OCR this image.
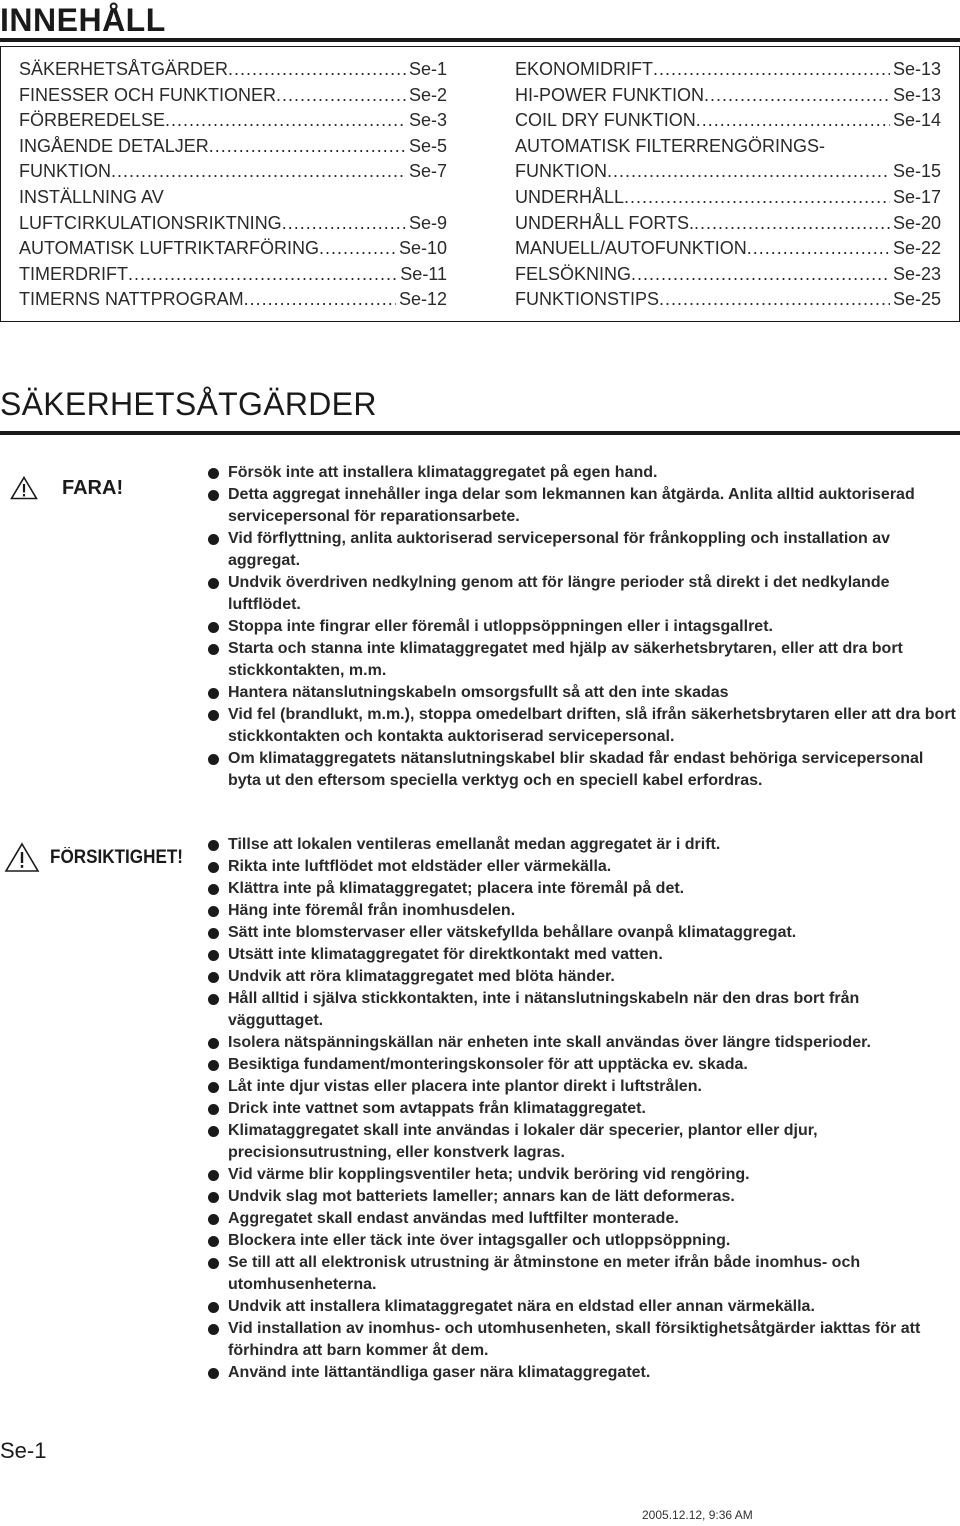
INNEHÅLL
SÄKERHETSÅTGÄRDER .....	Se-1
FINESSER OCH FUNKTIONER .....	Se-2
FÖRBEREDELSE .....	Se-3
INGÅENDE DETALJER .....	Se-5
FUNKTION .....	Se-7
INSTÄLLNING AV
LUFTCIRKULATIONSRIKTNING .....	Se-9
AUTOMATISK LUFTRIKTARFÖRING .....	Se-10
TIMERDRIFT .....	Se-11
TIMERNS NATTPROGRAM .....	Se-12
EKONOMIDRIFT .....	Se-13
HI-POWER FUNKTION .....	Se-13
COIL DRY FUNKTION .....	Se-14
AUTOMATISK FILTERRENGÖRINGS-
FUNKTION .....	Se-15
UNDERHÅLL .....	Se-17
UNDERHÅLL FORTS. .....	Se-20
MANUELL/AUTOFUNKTION .....	Se-22
FELSÖKNING .....	Se-23
FUNKTIONSTIPS .....	Se-25
SÄKERHETSÅTGÄRDER
FARA!
Försök inte att installera klimataggregatet på egen hand.
Detta aggregat innehåller inga delar som lekmannen kan åtgärda. Anlita alltid auktoriserad servicepersonal för reparationsarbete.
Vid förflyttning, anlita auktoriserad servicepersonal för frånkoppling och installation av aggregat.
Undvik överdriven nedkylning genom att för längre perioder stå direkt i det nedkylande luftflödet.
Stoppa inte fingrar eller föremål i utloppsöppningen eller i intagsgallret.
Starta och stanna inte klimataggregatet med hjälp av säkerhetsbrytaren, eller att dra bort stickkontakten, m.m.
Hantera nätanslutningskabeln omsorgsfullt så att den inte skadas
Vid fel (brandlukt, m.m.), stoppa omedelbart driften, slå ifrån säkerhetsbrytaren eller att dra bort stickkontakten och kontakta auktoriserad servicepersonal.
Om klimataggregatets nätanslutningskabel blir skadad får endast behöriga servicepersonal byta ut den eftersom speciella verktyg och en speciell kabel erfordras.
FÖRSIKTIGHET!
Tillse att lokalen ventileras emellanåt medan aggregatet är i drift.
Rikta inte luftflödet mot eldstäder eller värmekälla.
Klättra inte på klimataggregatet; placera inte föremål på det.
Häng inte föremål från inomhusdelen.
Sätt inte blomstervaser eller vätskefyllda behållare ovanpå klimataggregat.
Utsätt inte klimataggregatet för direktkontakt med vatten.
Undvik att röra klimataggregatet med blöta händer.
Håll alltid i själva stickkontakten, inte i nätanslutningskabeln när den dras bort från vägguttaget.
Isolera nätspänningskällan när enheten inte skall användas över längre tidsperioder.
Besiktiga fundament/monteringskonsoler för att upptäcka ev. skada.
Låt inte djur vistas eller placera inte plantor direkt i luftstrålen.
Drick inte vattnet som avtappats från klimataggregatet.
Klimataggregatet skall inte användas i lokaler där specerier, plantor eller djur, precisionsutrustning, eller konstverk lagras.
Vid värme blir kopplingsventiler heta; undvik beröring vid rengöring.
Undvik slag mot batteriets lameller; annars kan de lätt deformeras.
Aggregatet skall endast användas med luftfilter monterade.
Blockera inte eller täck inte över intagsgaller och utloppsöppning.
Se till att all elektronisk utrustning är åtminstone en meter ifrån både inomhus- och utomhusenheterna.
Undvik att installera klimataggregatet nära en eldstad eller annan värmekälla.
Vid installation av inomhus- och utomhusenheten, skall försiktighetsåtgärder iakttas för att förhindra att barn kommer åt dem.
Använd inte lättantändliga gaser nära klimataggregatet.
Se-1
2005.12.12, 9:36 AM
